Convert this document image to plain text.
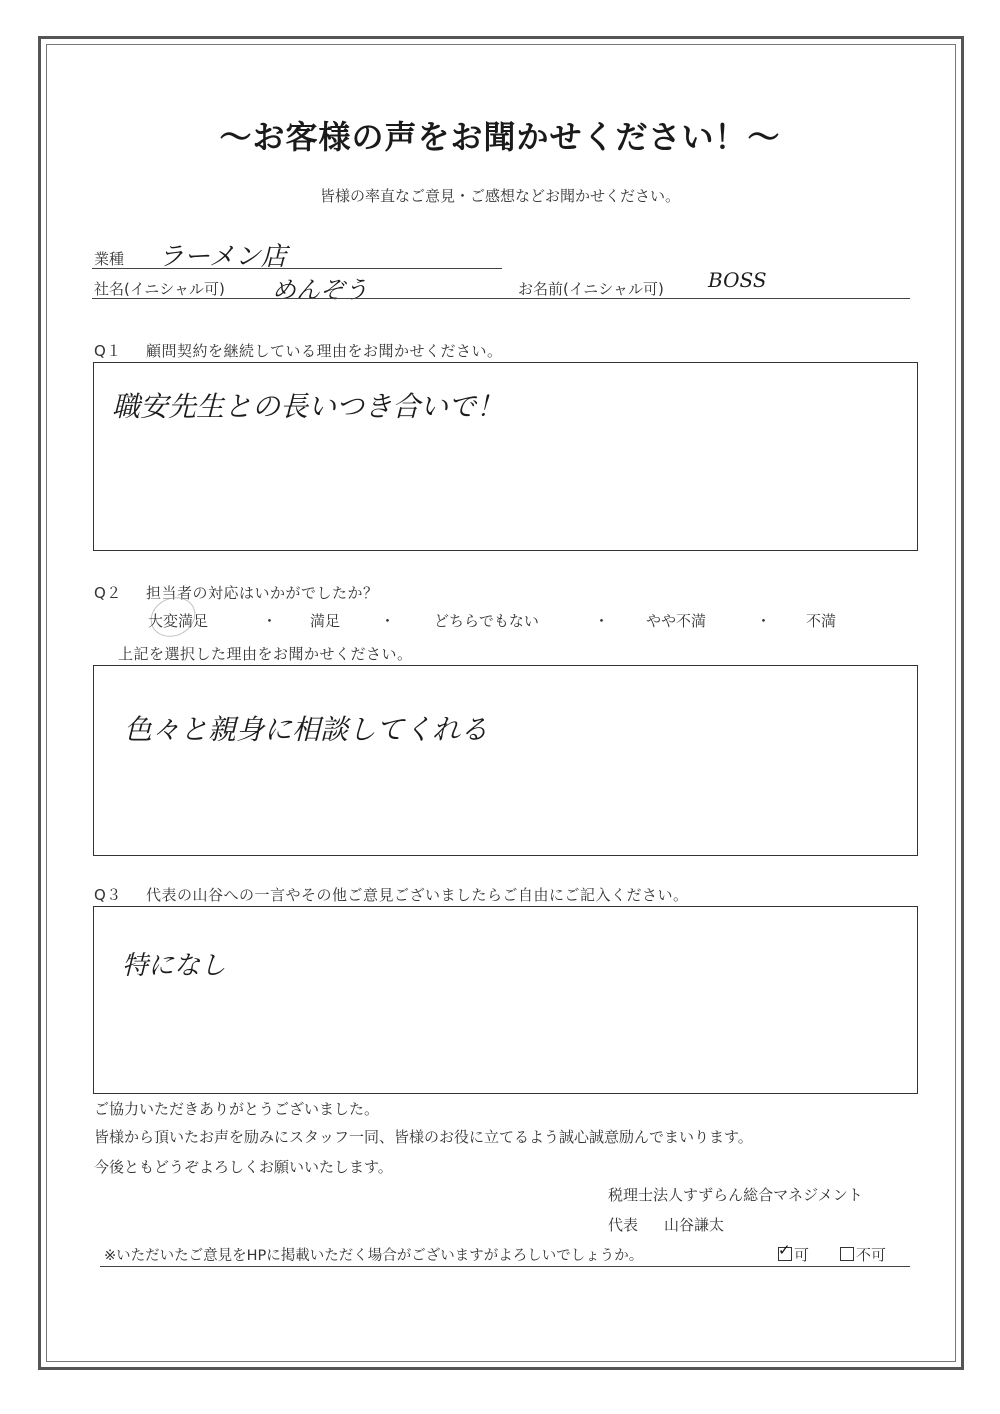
〜お客様の声をお聞かせください！〜
皆様の率直なご意見・ご感想などお聞かせください。
業種 ラーメン店
社名(イニシャル可) めんぞう	お名前(イニシャル可) BOSS
Q１ 顧問契約を継続している理由をお聞かせください。
職安先生との長いつき合いで！
Q２ 担当者の対応はいかがでしたか？
大変満足	・ 満足	・	どちらでもない	・ やや不満	・ 不満
上記を選択した理由をお聞かせください。
色々と親身に相談してくれる
Q３ 代表の山谷への一言やその他ご意見ございましたらご自由にご記入ください。
特になし
ご協力いただきありがとうございました。
皆様から頂いたお声を励みにスタッフ一同、皆様のお役に立てるよう誠心誠意励んでまいります。
今後ともどうぞよろしくお願いいたします。
税理士法人すずらん総合マネジメント
代表 山谷謙太
※いただいたご意見をHPに掲載いただく場合がございますがよろしいでしょうか。
✓	可	不可
